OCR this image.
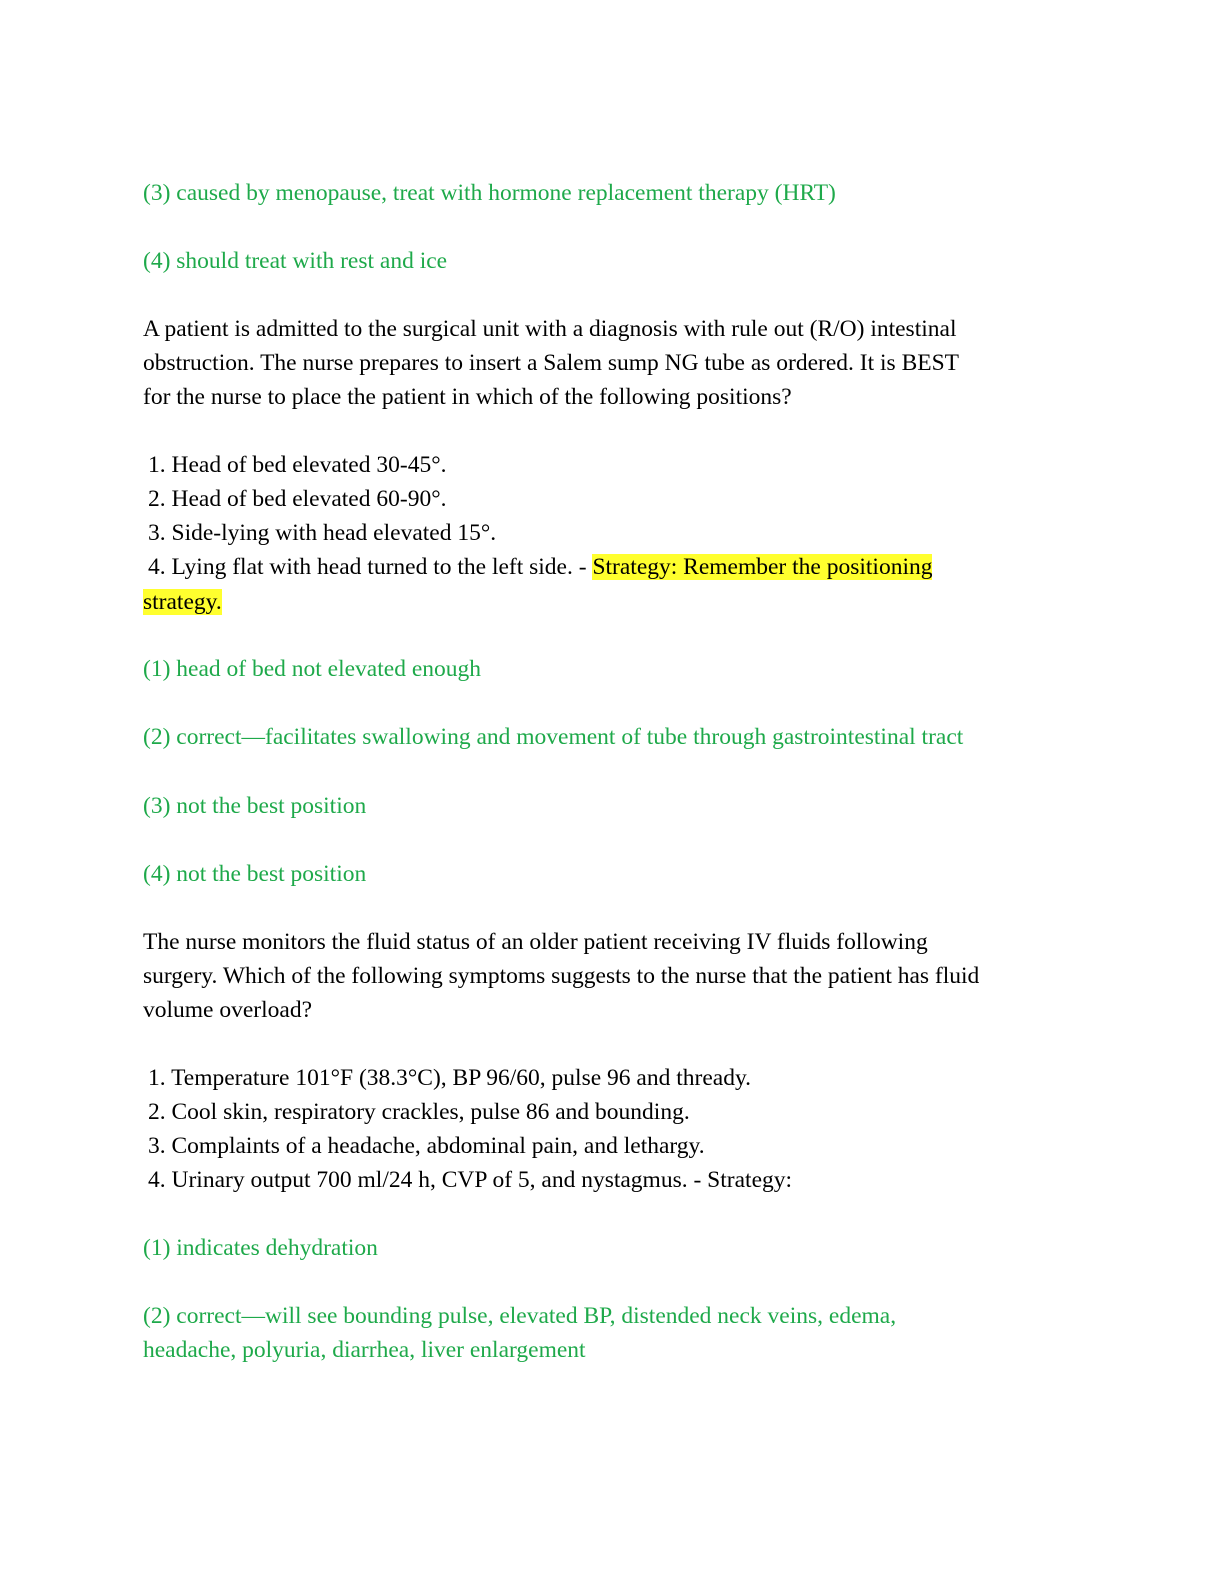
(3) caused by menopause, treat with hormone replacement therapy (HRT)
(4) should treat with rest and ice
A patient is admitted to the surgical unit with a diagnosis with rule out (R/O) intestinal
obstruction. The nurse prepares to insert a Salem sump NG tube as ordered. It is BEST
for the nurse to place the patient in which of the following positions?
1. Head of bed elevated 30-45°.
2. Head of bed elevated 60-90°.
3. Side-lying with head elevated 15°.
4. Lying flat with head turned to the left side. - Strategy: Remember the positioning
strategy.
(1) head of bed not elevated enough
(2) correct—facilitates swallowing and movement of tube through gastrointestinal tract
(3) not the best position
(4) not the best position
The nurse monitors the fluid status of an older patient receiving IV fluids following
surgery. Which of the following symptoms suggests to the nurse that the patient has fluid
volume overload?
1. Temperature 101°F (38.3°C), BP 96/60, pulse 96 and thready.
2. Cool skin, respiratory crackles, pulse 86 and bounding.
3. Complaints of a headache, abdominal pain, and lethargy.
4. Urinary output 700 ml/24 h, CVP of 5, and nystagmus. - Strategy:
(1) indicates dehydration
(2) correct—will see bounding pulse, elevated BP, distended neck veins, edema,
headache, polyuria, diarrhea, liver enlargement
